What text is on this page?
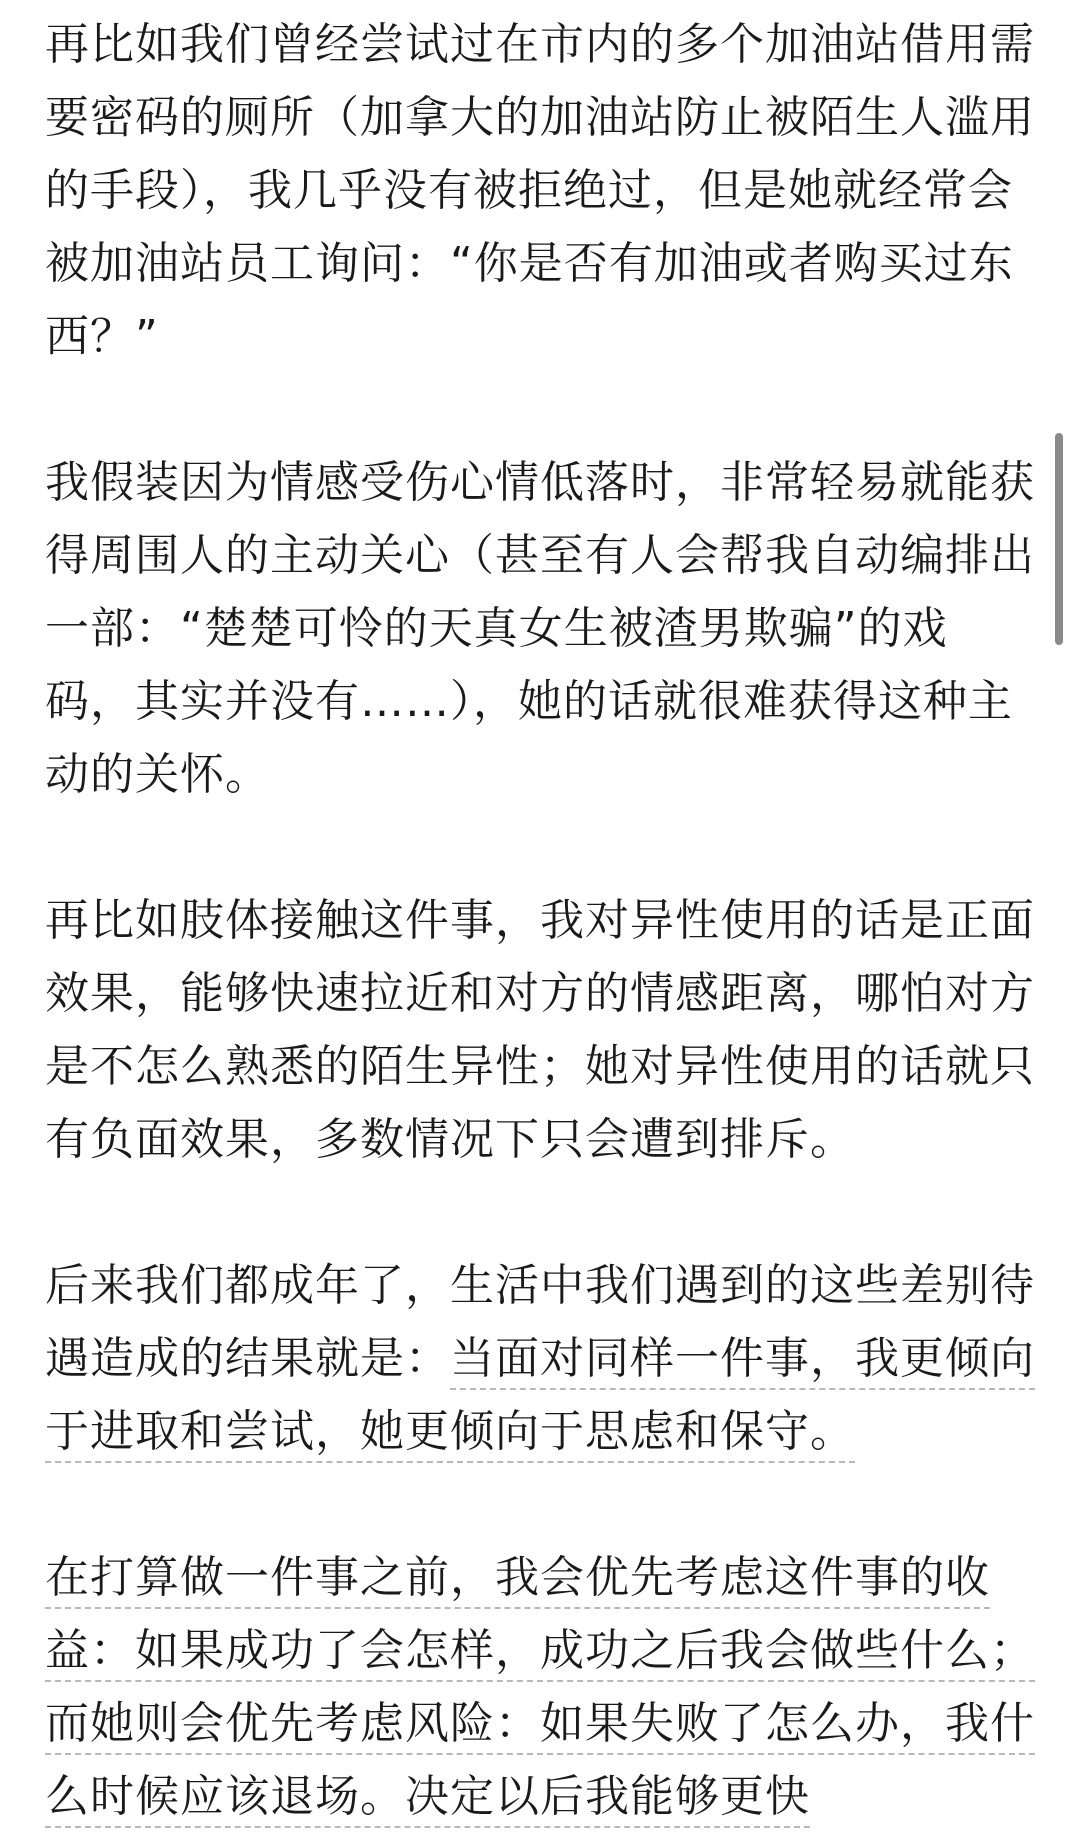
再比如我们曾经尝试过在市内的多个加油站借用需要密码的厕所（加拿大的加油站防止被陌生人滥用的手段），我几乎没有被拒绝过，但是她就经常会被加油站员工询问：“你是否有加油或者购买过东西？”

我假装因为情感受伤心情低落时，非常轻易就能获得周围人的主动关心（甚至有人会帮我自动编排出一部：“楚楚可怜的天真女生被渣男欺骗”的戏码，其实并没有……），她的话就很难获得这种主动的关怀。

再比如肢体接触这件事，我对异性使用的话是正面效果，能够快速拉近和对方的情感距离，哪怕对方是不怎么熟悉的陌生异性；她对异性使用的话就只有负面效果，多数情况下只会遭到排斥。

后来我们都成年了，生活中我们遇到的这些差别待遇造成的结果就是：当面对同样一件事，我更倾向于进取和尝试，她更倾向于思虑和保守。

在打算做一件事之前，我会优先考虑这件事的收益：如果成功了会怎样，成功之后我会做些什么；而她则会优先考虑风险：如果失败了怎么办，我什么时候应该退场。决定以后我能够更快
